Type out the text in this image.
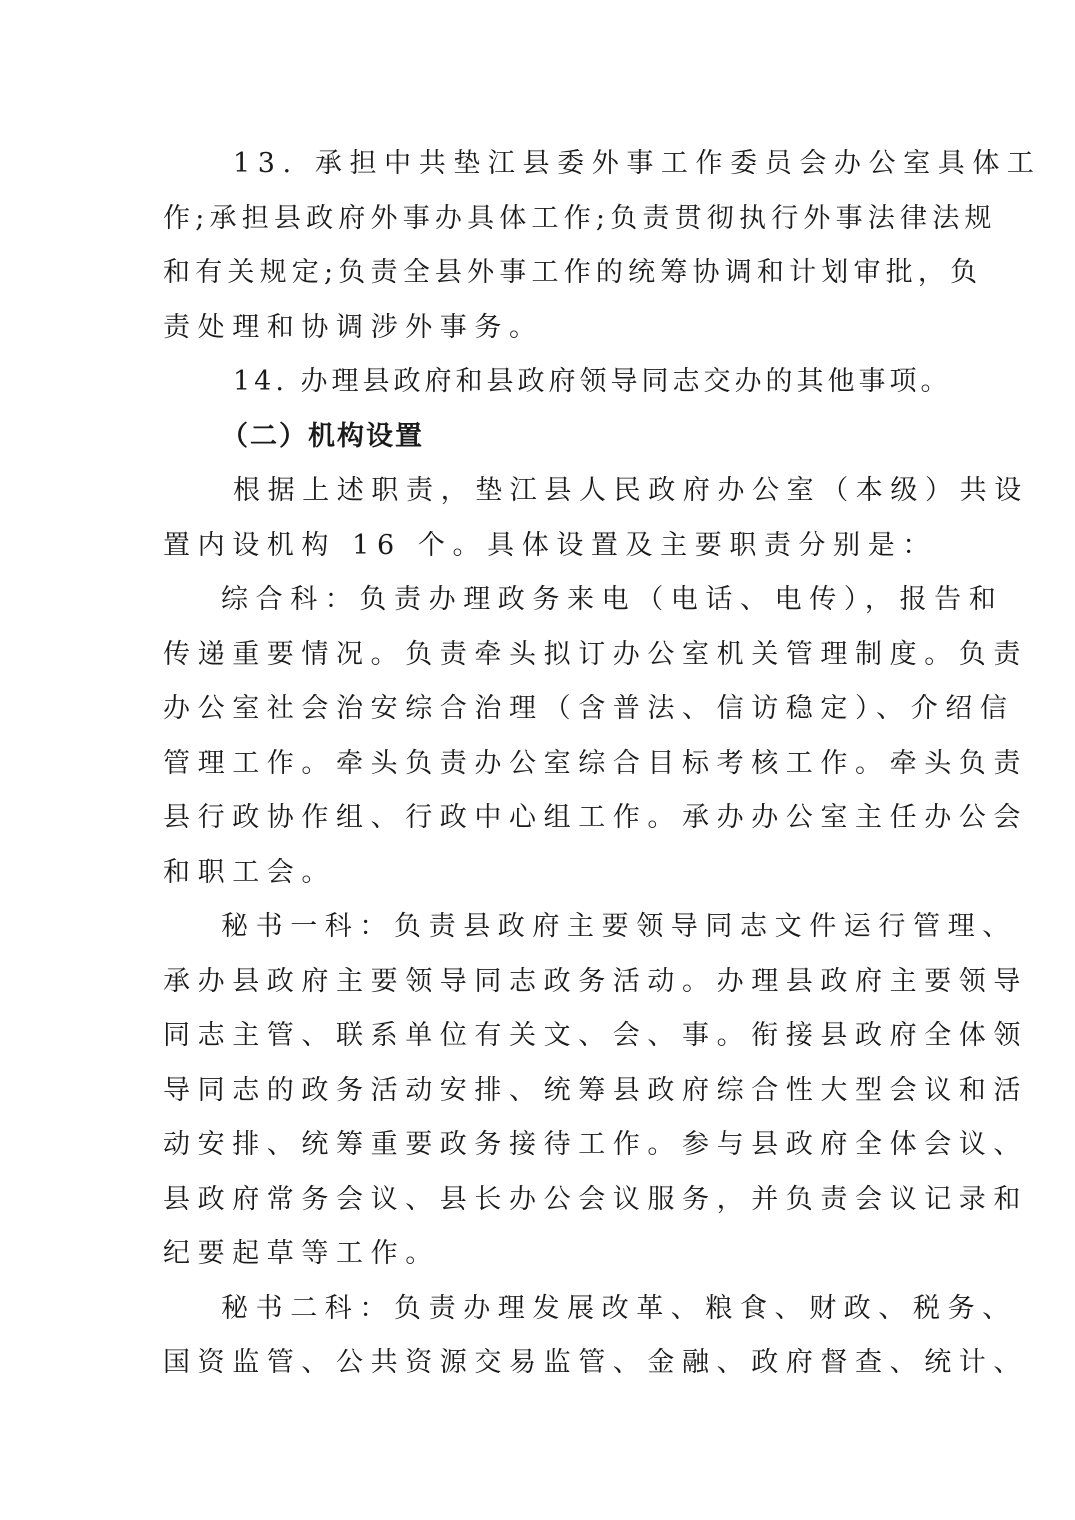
13. 承担中共垫江县委外事工作委员会办公室具体工
作;承担县政府外事办具体工作;负责贯彻执行外事法律法规
和有关规定;负责全县外事工作的统筹协调和计划审批，负
责处理和协调涉外事务。
14. 办理县政府和县政府领导同志交办的其他事项。
（二）机构设置
根据上述职责，垫江县人民政府办公室（本级）共设
置内设机构 16 个。具体设置及主要职责分别是：
综合科：负责办理政务来电（电话、电传），报告和
传递重要情况。负责牵头拟订办公室机关管理制度。负责
办公室社会治安综合治理（含普法、信访稳定）、介绍信
管理工作。牵头负责办公室综合目标考核工作。牵头负责
县行政协作组、行政中心组工作。承办办公室主任办公会
和职工会。
秘书一科：负责县政府主要领导同志文件运行管理、
承办县政府主要领导同志政务活动。办理县政府主要领导
同志主管、联系单位有关文、会、事。衔接县政府全体领
导同志的政务活动安排、统筹县政府综合性大型会议和活
动安排、统筹重要政务接待工作。参与县政府全体会议、
县政府常务会议、县长办公会议服务，并负责会议记录和
纪要起草等工作。
秘书二科：负责办理发展改革、粮食、财政、税务、
国资监管、公共资源交易监管、金融、政府督查、统计、
